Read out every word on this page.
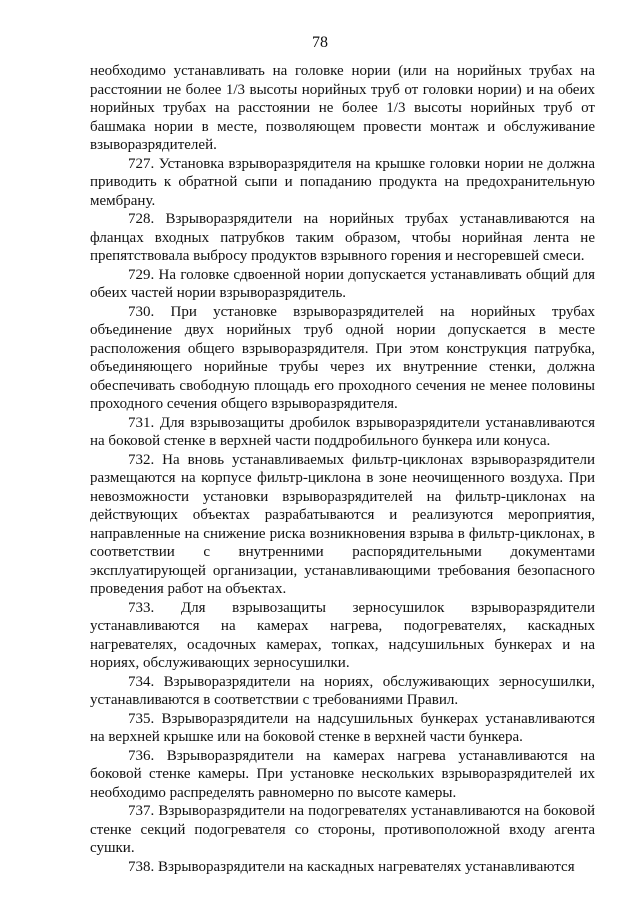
78

необходимо устанавливать на головке нории (или на норийных трубах на расстоянии не более 1/3 высоты норийных труб от головки нории) и на обеих норийных трубах на расстоянии не более 1/3 высоты норийных труб от башмака нории в месте, позволяющем провести монтаж и обслуживание взыворазрядителей.

727. Установка взрыворазрядителя на крышке головки нории не должна приводить к обратной сыпи и попаданию продукта на предохранительную мембрану.

728. Взрыворазрядители на норийных трубах устанавливаются на фланцах входных патрубков таким образом, чтобы норийная лента не препятствовала выбросу продуктов взрывного горения и несгоревшей смеси.

729. На головке сдвоенной нории допускается устанавливать общий для обеих частей нории взрыворазрядитель.

730. При установке взрыворазрядителей на норийных трубах объединение двух норийных труб одной нории допускается в месте расположения общего взрыворазрядителя. При этом конструкция патрубка, объединяющего норийные трубы через их внутренние стенки, должна обеспечивать свободную площадь его проходного сечения не менее половины проходного сечения общего взрыворазрядителя.

731. Для взрывозащиты дробилок взрыворазрядители устанавливаются на боковой стенке в верхней части поддробильного бункера или конуса.

732. На вновь устанавливаемых фильтр-циклонах взрыворазрядители размещаются на корпусе фильтр-циклона в зоне неочищенного воздуха. При невозможности установки взрыворазрядителей на фильтр-циклонах на действующих объектах разрабатываются и реализуются мероприятия, направленные на снижение риска возникновения взрыва в фильтр-циклонах, в соответствии с внутренними распорядительными документами эксплуатирующей организации, устанавливающими требования безопасного проведения работ на объектах.

733. Для взрывозащиты зерносушилок взрыворазрядители устанавливаются на камерах нагрева, подогревателях, каскадных нагревателях, осадочных камерах, топках, надсушильных бункерах и на нориях, обслуживающих зерносушилки.

734. Взрыворазрядители на нориях, обслуживающих зерносушилки, устанавливаются в соответствии с требованиями Правил.

735. Взрыворазрядители на надсушильных бункерах устанавливаются на верхней крышке или на боковой стенке в верхней части бункера.

736. Взрыворазрядители на камерах нагрева устанавливаются на боковой стенке камеры. При установке нескольких взрыворазрядителей их необходимо распределять равномерно по высоте камеры.

737. Взрыворазрядители на подогревателях устанавливаются на боковой стенке секций подогревателя со стороны, противоположной входу агента сушки.

738. Взрыворазрядители на каскадных нагревателях устанавливаются
